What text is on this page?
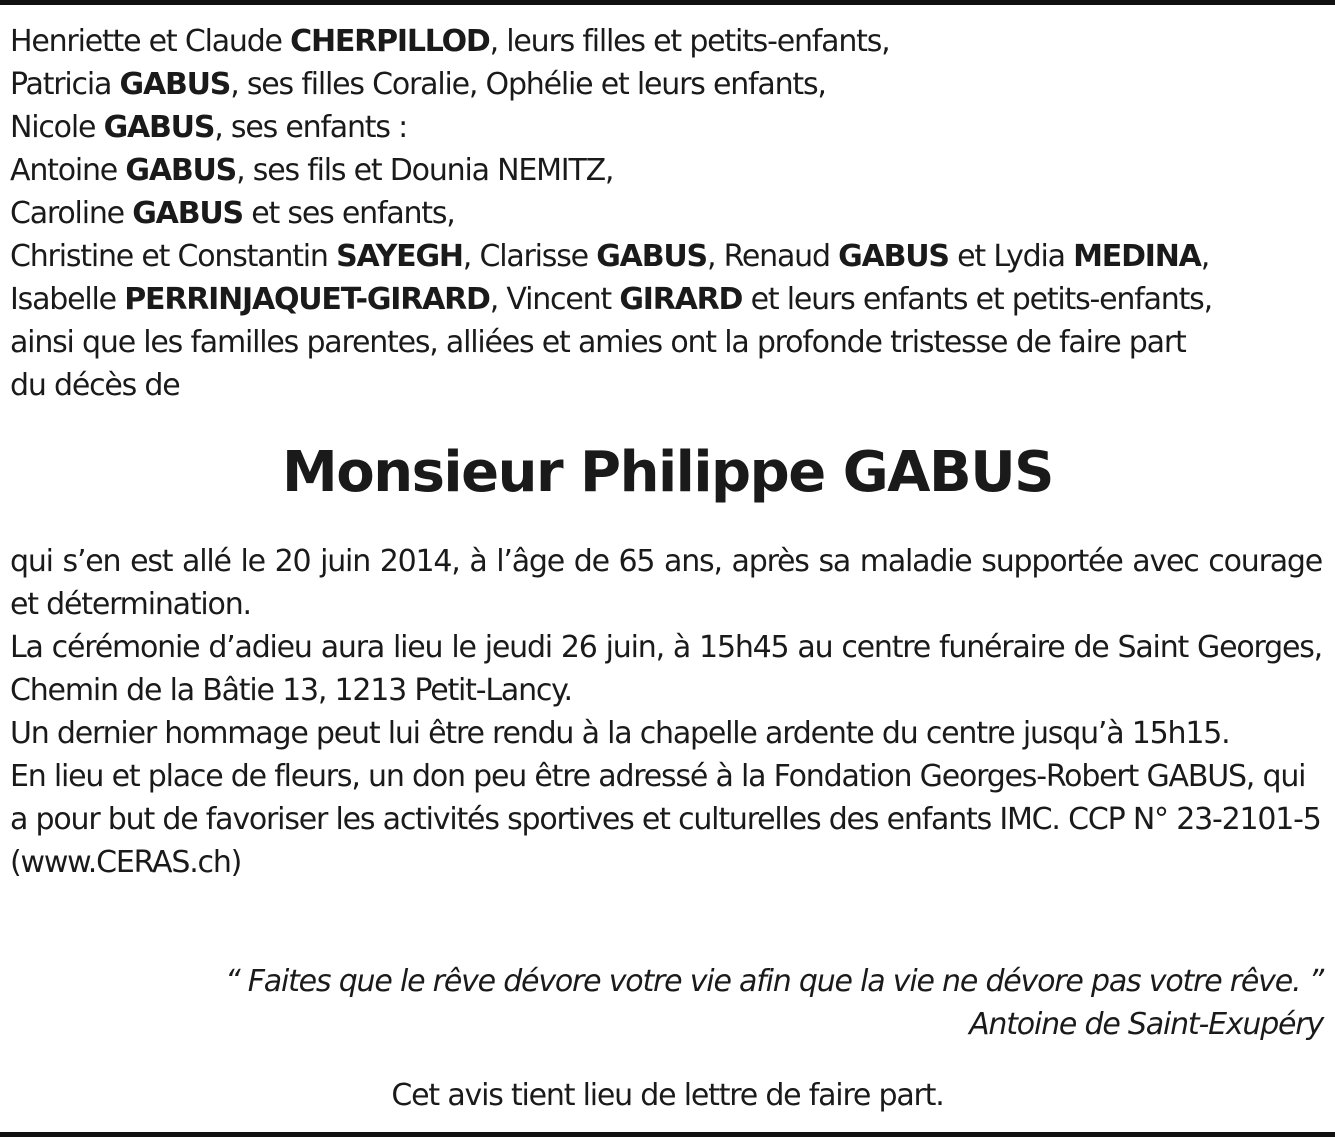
Henriette et Claude CHERPILLOD, leurs filles et petits-enfants,
Patricia GABUS, ses filles Coralie, Ophélie et leurs enfants,
Nicole GABUS, ses enfants :
Antoine GABUS, ses fils et Dounia NEMITZ,
Caroline GABUS et ses enfants,
Christine et Constantin SAYEGH, Clarisse GABUS, Renaud GABUS et Lydia MEDINA,
Isabelle PERRINJAQUET-GIRARD, Vincent GIRARD et leurs enfants et petits-enfants,
ainsi que les familles parentes, alliées et amies ont la profonde tristesse de faire part
du décès de
Monsieur Philippe GABUS

qui s’en est allé le 20 juin 2014, à l’âge de 65 ans, après sa maladie supportée avec courage et détermination.

La cérémonie d’adieu aura lieu le jeudi 26 juin, à 15h45 au centre funéraire de Saint Georges, Chemin de la Bâtie 13, 1213 Petit-Lancy.

Un dernier hommage peut lui être rendu à la chapelle ardente du centre jusqu’à 15h15.

En lieu et place de fleurs, un don peu être adressé à la Fondation Georges-Robert GABUS, qui a pour but de favoriser les activités sportives et culturelles des enfants IMC. CCP N° 23-2101-5 (www.CERAS.ch)

“ Faites que le rêve dévore votre vie afin que la vie ne dévore pas votre rêve. ”
Antoine de Saint-Exupéry
Cet avis tient lieu de lettre de faire part.
